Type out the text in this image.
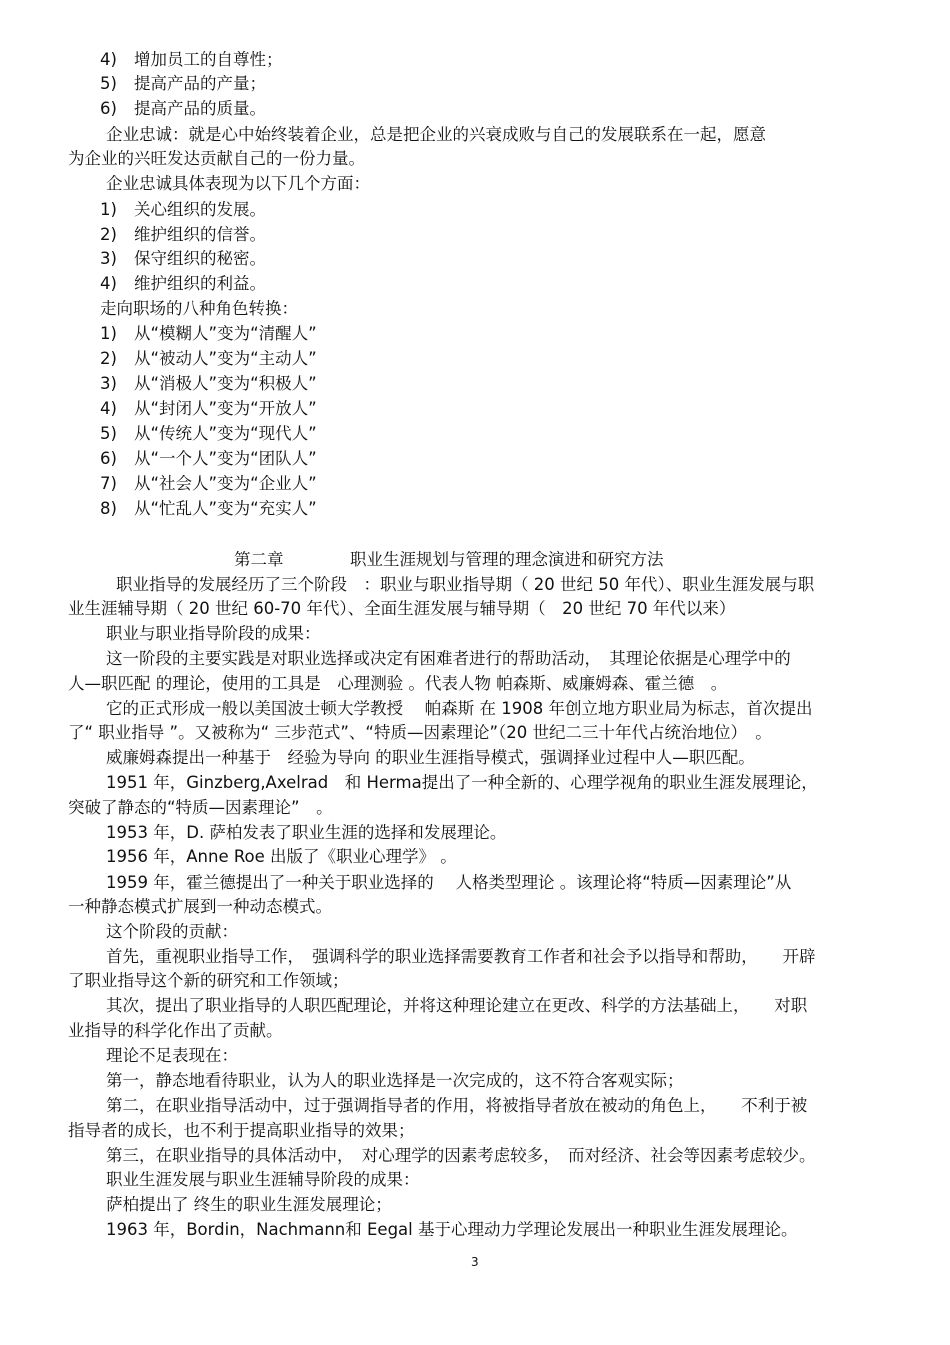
4) 增加员工的自尊性；
5) 提高产品的产量；
6) 提高产品的质量。
企业忠诚：就是心中始终装着企业，总是把企业的兴衰成败与自己的发展联系在一起，愿意
为企业的兴旺发达贡献自己的一份力量。
企业忠诚具体表现为以下几个方面：
1) 关心组织的发展。
2) 维护组织的信誉。
3) 保守组织的秘密。
4) 维护组织的利益。
走向职场的八种角色转换：
1) 从“模糊人”变为“清醒人”
2) 从“被动人”变为“主动人”
3) 从“消极人”变为“积极人”
4) 从“封闭人”变为“开放人”
5) 从“传统人”变为“现代人”
6) 从“一个人”变为“团队人”
7) 从“社会人”变为“企业人”
8) 从“忙乱人”变为“充实人”
第二章	职业生涯规划与管理的理念演进和研究方法
职业指导的发展经历了三个阶段　：职业与职业指导期（ 20 世纪 50 年代）、职业生涯发展与职
业生涯辅导期（ 20 世纪 60-70 年代）、全面生涯发展与辅导期（　20 世纪 70 年代以来）
职业与职业指导阶段的成果：
这一阶段的主要实践是对职业选择或决定有困难者进行的帮助活动，　其理论依据是心理学中的
人—职匹配 的理论，使用的工具是　心理测验 。代表人物 帕森斯、威廉姆森、霍兰德　。
它的正式形成一般以美国波士顿大学教授　 帕森斯 在 1908 年创立地方职业局为标志，首次提出
了“ 职业指导 ”。又被称为“ 三步范式”、“特质—因素理论”（20 世纪二三十年代占统治地位）　。
威廉姆森提出一种基于　经验为导向 的职业生涯指导模式，强调择业过程中人—职匹配。
1951 年，Ginzberg,Axelrad　和 Herma提出了一种全新的、心理学视角的职业生涯发展理论，
突破了静态的“特质—因素理论”　。
1953 年，D. 萨柏发表了职业生涯的选择和发展理论。
1956 年，Anne Roe 出版了《职业心理学》 。
1959 年，霍兰德提出了一种关于职业选择的　 人格类型理论 。该理论将“特质—因素理论”从
一种静态模式扩展到一种动态模式。
这个阶段的贡献：
首先，重视职业指导工作，　强调科学的职业选择需要教育工作者和社会予以指导和帮助，　　开辟
了职业指导这个新的研究和工作领域；
其次，提出了职业指导的人职匹配理论，并将这种理论建立在更改、科学的方法基础上，　　对职
业指导的科学化作出了贡献。
理论不足表现在：
第一，静态地看待职业，认为人的职业选择是一次完成的，这不符合客观实际；
第二，在职业指导活动中，过于强调指导者的作用，将被指导者放在被动的角色上，　　不利于被
指导者的成长，也不利于提高职业指导的效果；
第三，在职业指导的具体活动中，　对心理学的因素考虑较多，　而对经济、社会等因素考虑较少。
职业生涯发展与职业生涯辅导阶段的成果：
萨柏提出了 终生的职业生涯发展理论；
1963 年，Bordin，Nachmann和 Eegal 基于心理动力学理论发展出一种职业生涯发展理论。
3
